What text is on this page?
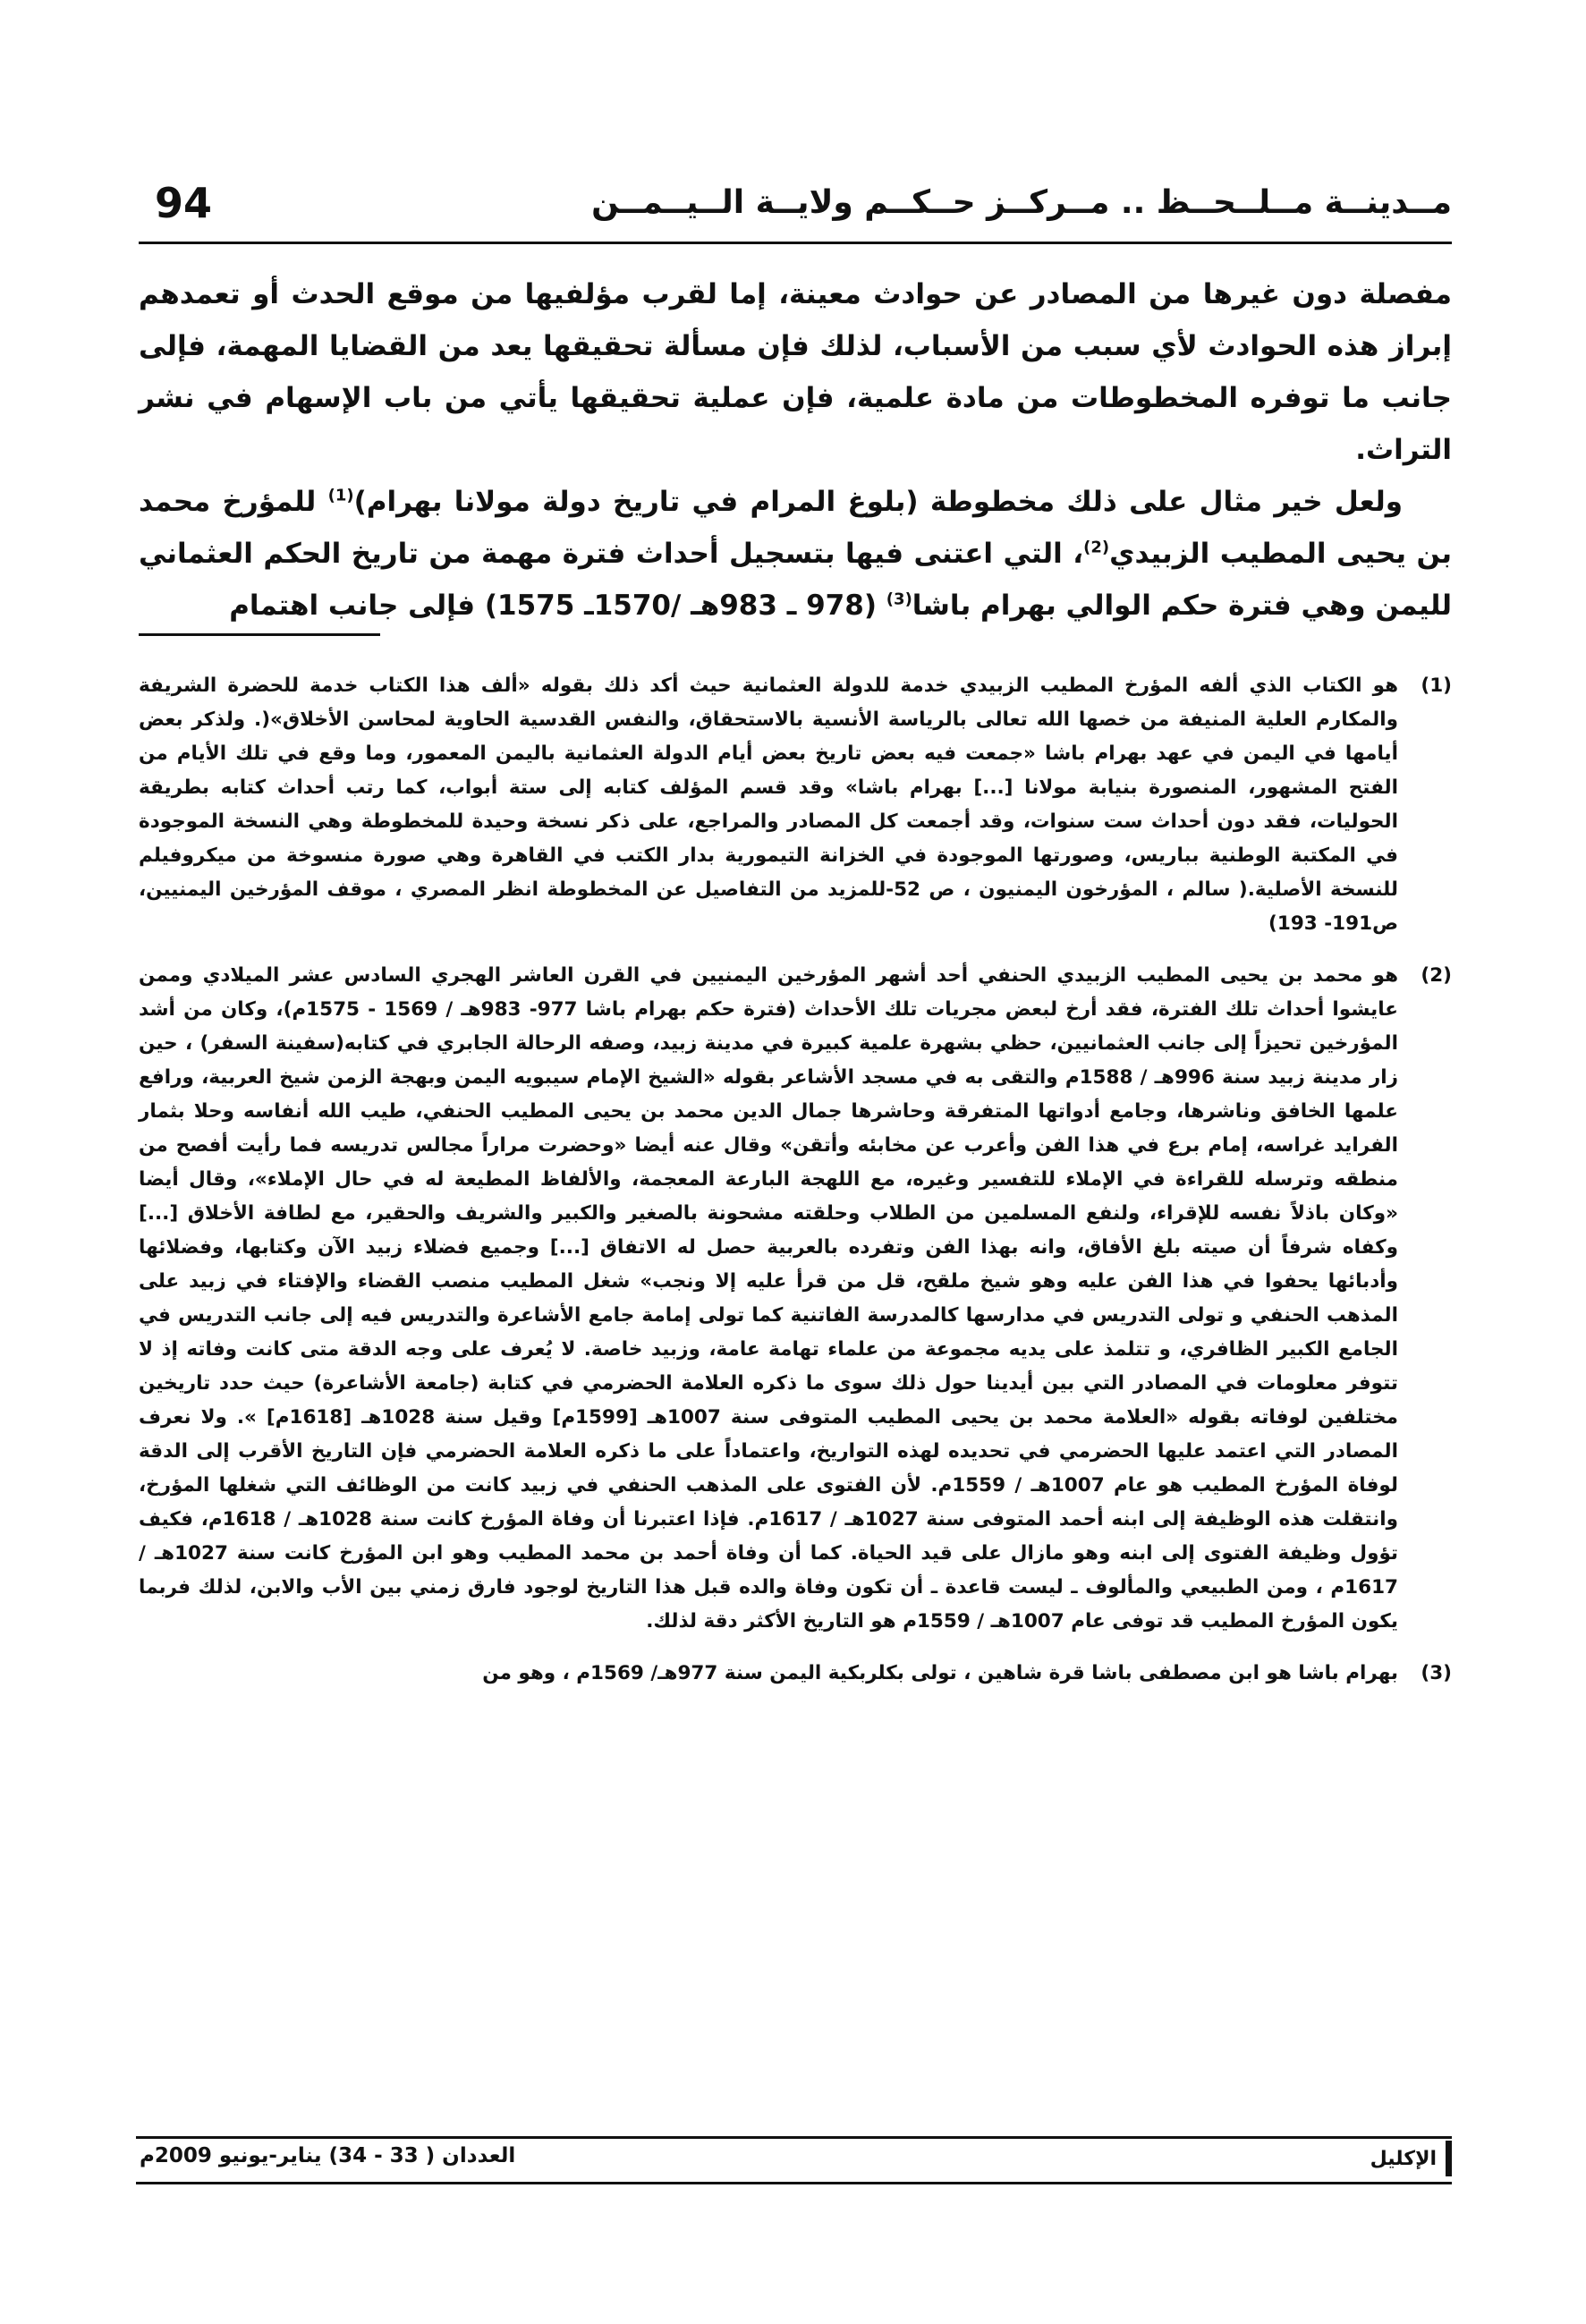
94	مــدينــة مــلــحــظ .. مــركــز حــكــم ولايــة الــيــمــن

مفصلة دون غيرها من المصادر عن حوادث معينة، إما لقرب مؤلفيها من موقع الحدث أو تعمدهم إبراز هذه الحوادث لأي سبب من الأسباب، لذلك فإن مسألة تحقيقها يعد من القضايا المهمة، فإلى جانب ما توفره المخطوطات من مادة علمية، فإن عملية تحقيقها يأتي من باب الإسهام في نشر التراث.

ولعل خير مثال على ذلك مخطوطة (بلوغ المرام في تاريخ دولة مولانا بهرام)$^{(1)}$ للمؤرخ محمد بن يحيى المطيب الزبيدي$^{(2)}$، التي اعتنى فيها بتسجيل أحداث فترة مهمة من تاريخ الحكم العثماني لليمن وهي فترة حكم الوالي بهرام باشا$^{(3)}$ (978 ـ 983هـ /1570ـ 1575) فإلى جانب اهتمام

(1)
هو الكتاب الذي ألفه المؤرخ المطيب الزبيدي خدمة للدولة العثمانية حيث أكد ذلك بقوله «ألف هذا الكتاب خدمة للحضرة الشريفة والمكارم العلية المنيفة من خصها الله تعالى بالرياسة الأنسية بالاستحقاق، والنفس القدسية الحاوية لمحاسن الأخلاق»(. ولذكر بعض أيامها في اليمن في عهد بهرام باشا «جمعت فيه بعض تاريخ بعض أيام الدولة العثمانية باليمن المعمور، وما وقع في تلك الأيام من الفتح المشهور، المنصورة بنيابة مولانا [...] بهرام باشا» وقد قسم المؤلف كتابه إلى ستة أبواب، كما رتب أحداث كتابه بطريقة الحوليات، فقد دون أحداث ست سنوات، وقد أجمعت كل المصادر والمراجع، على ذكر نسخة وحيدة للمخطوطة وهي النسخة الموجودة في المكتبة الوطنية بباريس، وصورتها الموجودة في الخزانة التيمورية بدار الكتب في القاهرة وهي صورة منسوخة من ميكروفيلم للنسخة الأصلية.( سالم ، المؤرخون اليمنيون ، ص 52-للمزيد من التفاصيل عن المخطوطة انظر المصري ، موقف المؤرخين اليمنيين، ص191- 193)
(2)
هو محمد بن يحيى المطيب الزبيدي الحنفي أحد أشهر المؤرخين اليمنيين في القرن العاشر الهجري السادس عشر الميلادي وممن عايشوا أحداث تلك الفترة، فقد أرخ لبعض مجريات تلك الأحداث (فترة حكم بهرام باشا 977- 983هـ / 1569 - 1575م)، وكان من أشد المؤرخين تحيزاً إلى جانب العثمانيين، حظي بشهرة علمية كبيرة في مدينة زبيد، وصفه الرحالة الجابري في كتابه(سفينة السفر) ، حين زار مدينة زبيد سنة 996هـ / 1588م والتقى به في مسجد الأشاعر بقوله «الشيخ الإمام سيبويه اليمن وبهجة الزمن شيخ العربية، ورافع علمها الخافق وناشرها، وجامع أدواتها المتفرقة وحاشرها جمال الدين محمد بن يحيى المطيب الحنفي، طيب الله أنفاسه وحلا بثمار الفرايد غراسه، إمام برع في هذا الفن وأعرب عن مخابئه وأتقن» وقال عنه أيضا «وحضرت مراراً مجالس تدريسه فما رأيت أفصح من منطقه وترسله للقراءة في الإملاء للتفسير وغيره، مع اللهجة البارعة المعجمة، والألفاظ المطيعة له في حال الإملاء»، وقال أيضا «وكان باذلاً نفسه للإقراء، ولنفع المسلمين من الطلاب وحلقته مشحونة بالصغير والكبير والشريف والحقير، مع لطافة الأخلاق [...] وكفاه شرفاً أن صيته بلغ الأفاق، وانه بهذا الفن وتفرده بالعربية حصل له الاتفاق [...] وجميع فضلاء زبيد الآن وكتابها، وفضلائها وأدبائها يحفوا في هذا الفن عليه وهو شيخ ملقح، قل من قرأ عليه إلا ونجب» شغل المطيب منصب القضاء والإفتاء في زبيد على المذهب الحنفي و تولى التدريس في مدارسها كالمدرسة الفاتنية كما تولى إمامة جامع الأشاعرة والتدريس فيه إلى جانب التدريس في الجامع الكبير الظافري، و تتلمذ على يديه مجموعة من علماء تهامة عامة، وزبيد خاصة. لا يُعرف على وجه الدقة متى كانت وفاته إذ لا تتوفر معلومات في المصادر التي بين أيدينا حول ذلك سوى ما ذكره العلامة الحضرمي في كتابة (جامعة الأشاعرة) حيث حدد تاريخين مختلفين لوفاته بقوله «العلامة محمد بن يحيى المطيب المتوفى سنة 1007هـ [1599م] وقيل سنة 1028هـ [1618م] ». ولا نعرف المصادر التي اعتمد عليها الحضرمي في تحديده لهذه التواريخ، واعتماداً على ما ذكره العلامة الحضرمي فإن التاريخ الأقرب إلى الدقة لوفاة المؤرخ المطيب هو عام 1007هـ / 1559م. لأن الفتوى على المذهب الحنفي في زبيد كانت من الوظائف التي شغلها المؤرخ، وانتقلت هذه الوظيفة إلى ابنه أحمد المتوفى سنة 1027هـ / 1617م. فإذا اعتبرنا أن وفاة المؤرخ كانت سنة 1028هـ / 1618م، فكيف تؤول وظيفة الفتوى إلى ابنه وهو مازال على قيد الحياة. كما أن وفاة أحمد بن محمد المطيب وهو ابن المؤرخ كانت سنة 1027هـ / 1617م ، ومن الطبيعي والمألوف ـ ليست قاعدة ـ أن تكون وفاة والده قبل هذا التاريخ لوجود فارق زمني بين الأب والابن، لذلك فربما يكون المؤرخ المطيب قد توفى عام 1007هـ / 1559م هو التاريخ الأكثر دقة لذلك.
(3)
بهرام باشا هو ابن مصطفى باشا قرة شاهين ، تولى بكلربكية اليمن سنة 977هـ/ 1569م ، وهو من
الإكليل
العددان ( 33 - 34) يناير-يونيو 2009م
